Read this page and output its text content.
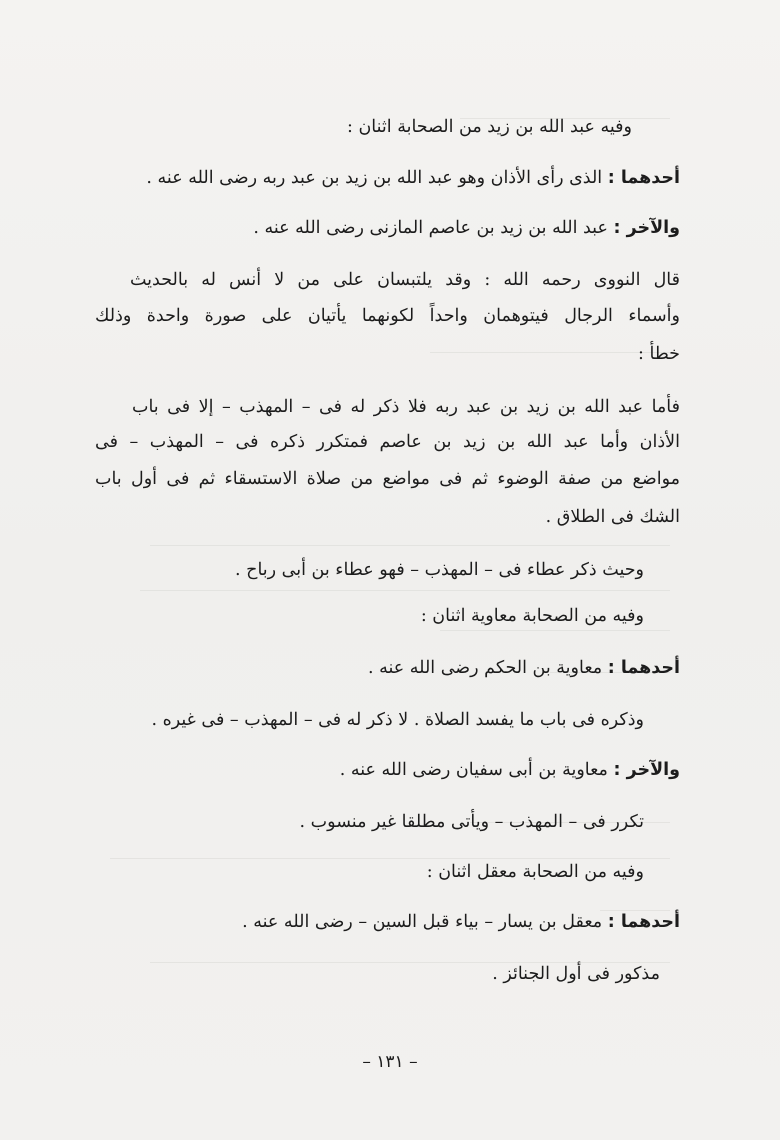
وفيه عبد الله بن زيد من الصحابة اثنان :
أحدهما : الذى رأى الأذان وهو عبد الله بن زيد بن عبد ربه رضى الله عنه .
والآخر : عبد الله بن زيد بن عاصم المازنى رضى الله عنه .
قال النووى رحمه الله : وقد يلتبسان على من لا أنس له بالحديث
وأسماء الرجال فيتوهمان واحداً لكونهما يأتيان على صورة واحدة وذلك
خطأ :
فأما عبد الله بن زيد بن عبد ربه فلا ذكر له فى – المهذب – إلا فى باب
الأذان وأما عبد الله بن زيد بن عاصم فمتكرر ذكره فى – المهذب – فى
مواضع من صفة الوضوء ثم فى مواضع من صلاة الاستسقاء ثم فى أول باب
الشك فى الطلاق .
وحيث ذكر عطاء فى – المهذب – فهو عطاء بن أبى رباح .
وفيه من الصحابة معاوية اثنان :
أحدهما : معاوية بن الحكم رضى الله عنه .
وذكره فى باب ما يفسد الصلاة . لا ذكر له فى – المهذب – فى غيره .
والآخر : معاوية بن أبى سفيان رضى الله عنه .
تكرر فى – المهذب – ويأتى مطلقا غير منسوب .
وفيه من الصحابة معقل اثنان :
أحدهما : معقل بن يسار – بياء قبل السين – رضى الله عنه .
مذكور فى أول الجنائز .
– ١٣١ –
